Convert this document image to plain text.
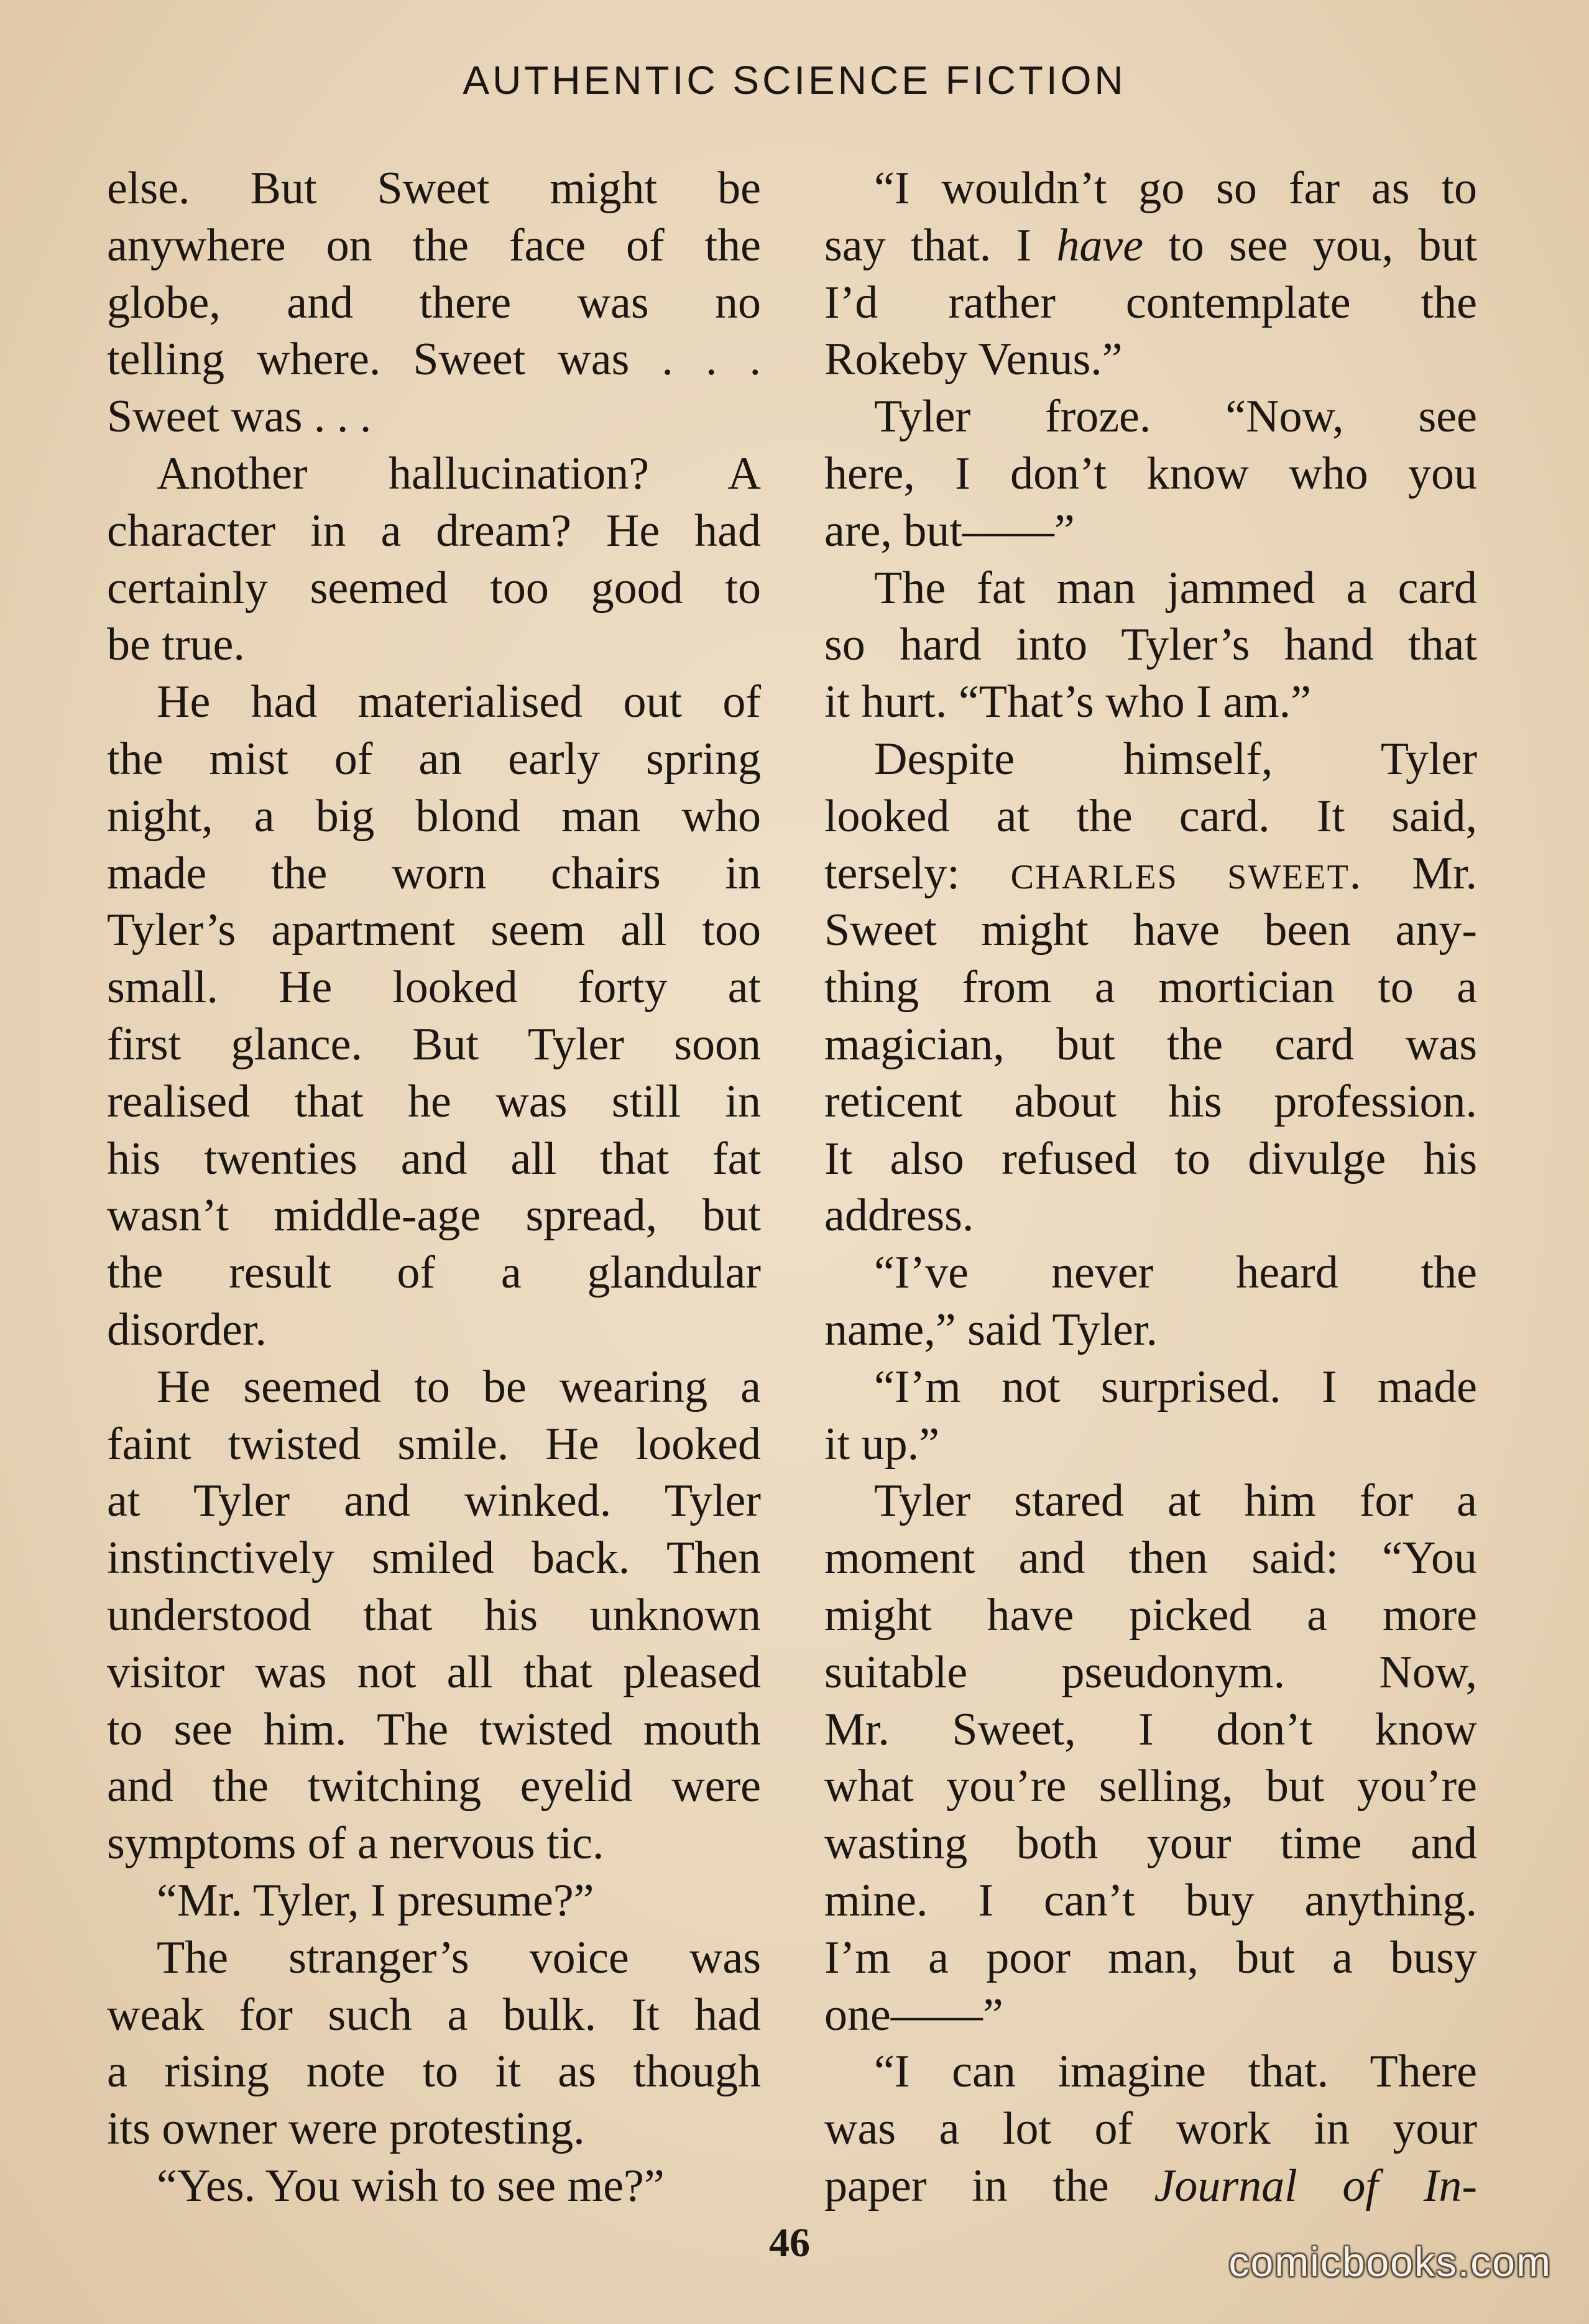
AUTHENTIC SCIENCE FICTION
else. But Sweet might be
anywhere on the face of the
globe, and there was no
telling where. Sweet was . . .
Sweet was . . .
Another hallucination? A
character in a dream? He had
certainly seemed too good to
be true.
He had materialised out of
the mist of an early spring
night, a big blond man who
made the worn chairs in
Tyler’s apartment seem all too
small. He looked forty at
first glance. But Tyler soon
realised that he was still in
his twenties and all that fat
wasn’t middle-age spread, but
the result of a glandular
disorder.
He seemed to be wearing a
faint twisted smile. He looked
at Tyler and winked. Tyler
instinctively smiled back. Then
understood that his unknown
visitor was not all that pleased
to see him. The twisted mouth
and the twitching eyelid were
symptoms of a nervous tic.
“Mr. Tyler, I presume?”
The stranger’s voice was
weak for such a bulk. It had
a rising note to it as though
its owner were protesting.
“Yes. You wish to see me?”
“I wouldn’t go so far as to
say that. I have to see you, but
I’d rather contemplate the
Rokeby Venus.”
Tyler froze. “Now, see
here, I don’t know who you
are, but——”
The fat man jammed a card
so hard into Tyler’s hand that
it hurt. “That’s who I am.”
Despite himself, Tyler
looked at the card. It said,
tersely: CHARLES SWEET. Mr.
Sweet might have been any-
thing from a mortician to a
magician, but the card was
reticent about his profession.
It also refused to divulge his
address.
“I’ve never heard the
name,” said Tyler.
“I’m not surprised. I made
it up.”
Tyler stared at him for a
moment and then said: “You
might have picked a more
suitable pseudonym. Now,
Mr. Sweet, I don’t know
what you’re selling, but you’re
wasting both your time and
mine. I can’t buy anything.
I’m a poor man, but a busy
one——”
“I can imagine that. There
was a lot of work in your
paper in the Journal of In-
46	comicbooks.com
